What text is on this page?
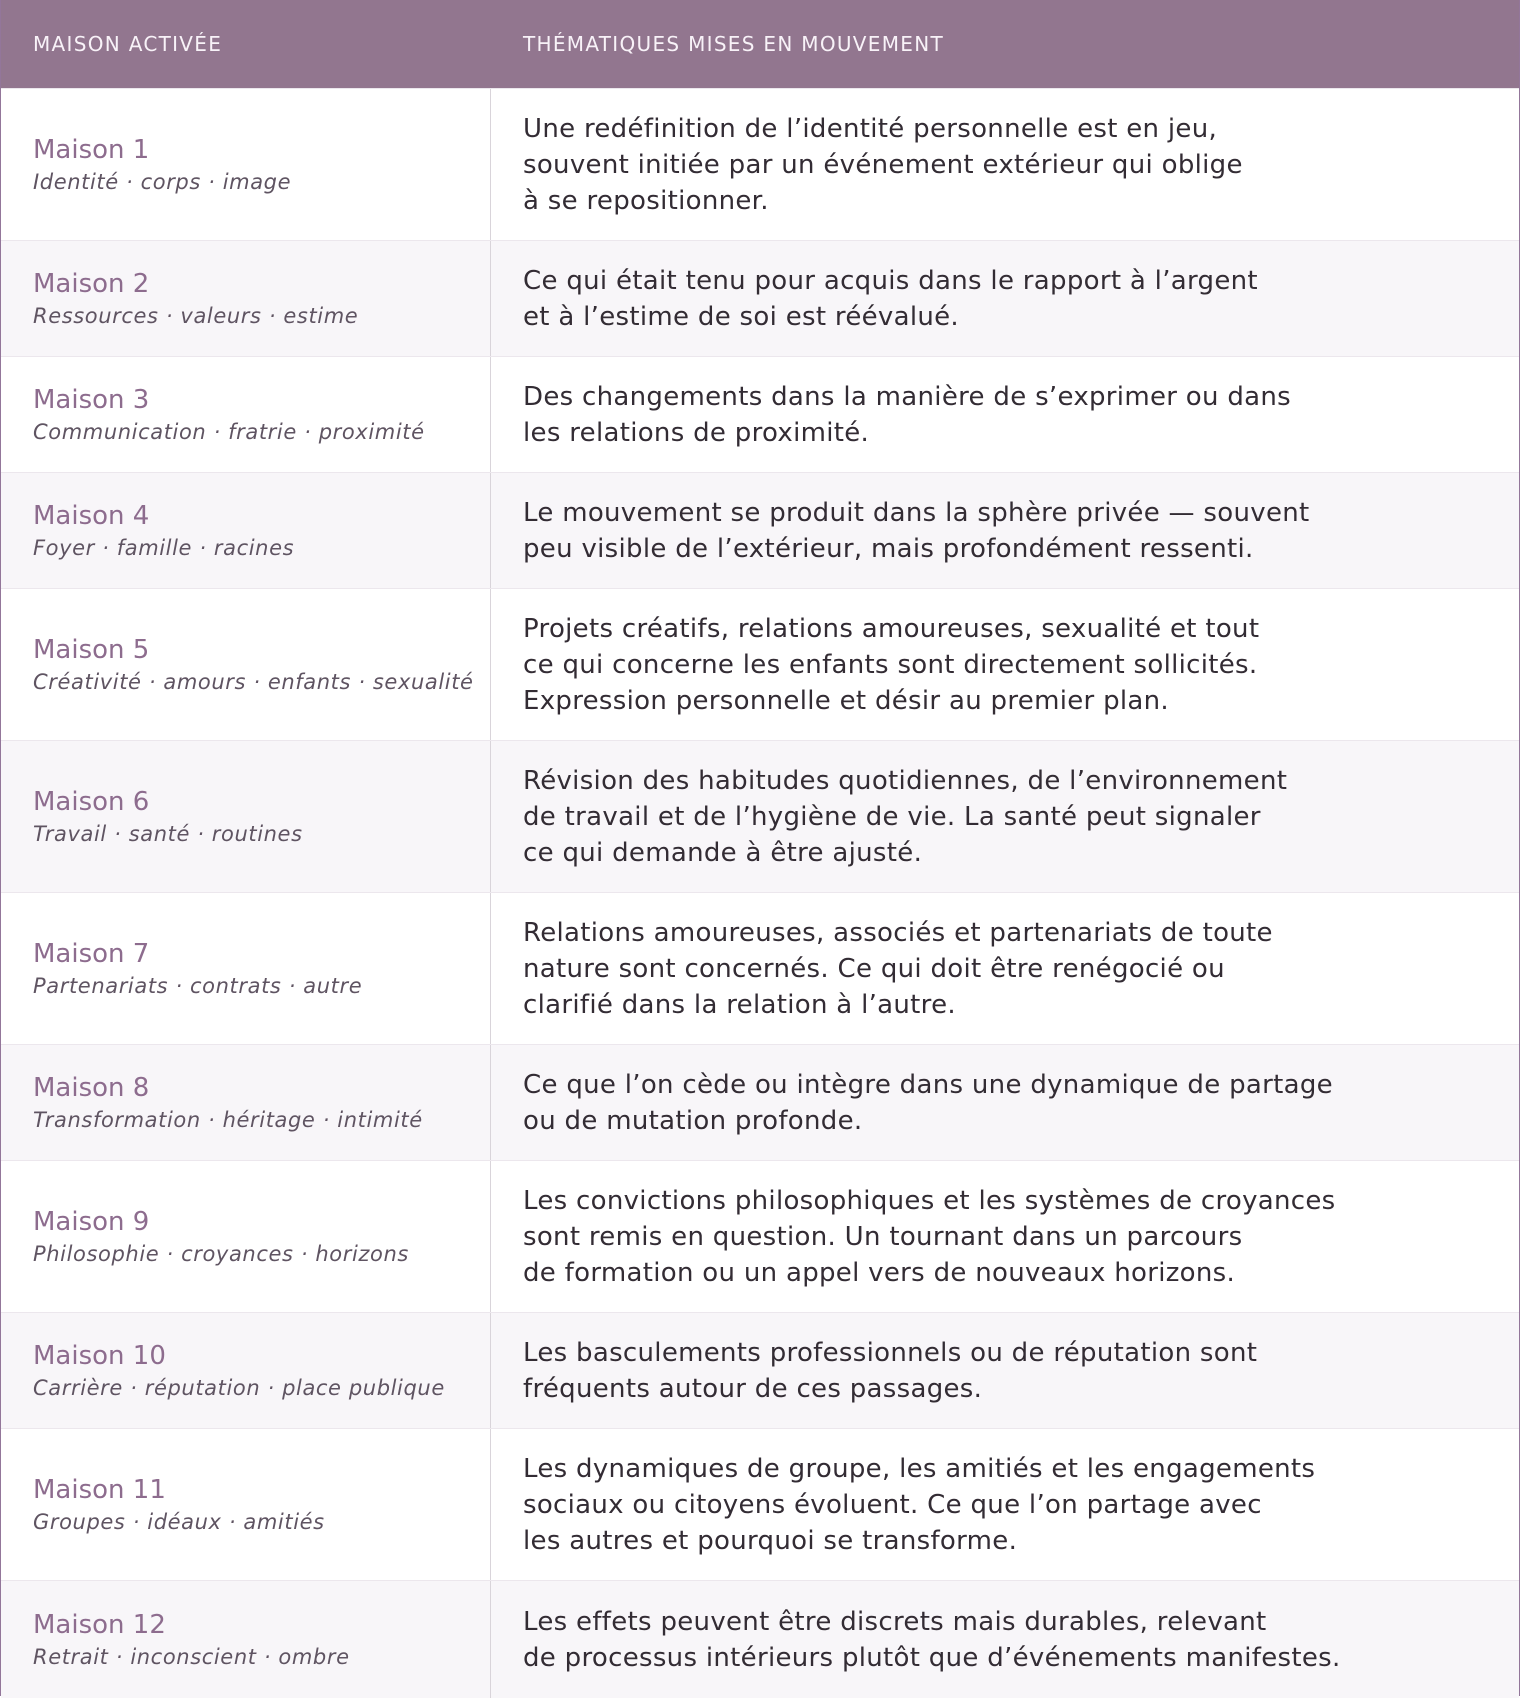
MAISON ACTIVÉE	THÉMATIQUES MISES EN MOUVEMENT
Maison 1
Identité · corps · image
Une redéfinition de l’identité personnelle est en jeu,
souvent initiée par un événement extérieur qui oblige
à se repositionner.
Maison 2
Ressources · valeurs · estime
Ce qui était tenu pour acquis dans le rapport à l’argent
et à l’estime de soi est réévalué.
Maison 3
Communication · fratrie · proximité
Des changements dans la manière de s’exprimer ou dans
les relations de proximité.
Maison 4
Foyer · famille · racines
Le mouvement se produit dans la sphère privée — souvent
peu visible de l’extérieur, mais profondément ressenti.
Maison 5
Créativité · amours · enfants · sexualité
Projets créatifs, relations amoureuses, sexualité et tout
ce qui concerne les enfants sont directement sollicités.
Expression personnelle et désir au premier plan.
Maison 6
Travail · santé · routines
Révision des habitudes quotidiennes, de l’environnement
de travail et de l’hygiène de vie. La santé peut signaler
ce qui demande à être ajusté.
Maison 7
Partenariats · contrats · autre
Relations amoureuses, associés et partenariats de toute
nature sont concernés. Ce qui doit être renégocié ou
clarifié dans la relation à l’autre.
Maison 8
Transformation · héritage · intimité
Ce que l’on cède ou intègre dans une dynamique de partage
ou de mutation profonde.
Maison 9
Philosophie · croyances · horizons
Les convictions philosophiques et les systèmes de croyances
sont remis en question. Un tournant dans un parcours
de formation ou un appel vers de nouveaux horizons.
Maison 10
Carrière · réputation · place publique
Les basculements professionnels ou de réputation sont
fréquents autour de ces passages.
Maison 11
Groupes · idéaux · amitiés
Les dynamiques de groupe, les amitiés et les engagements
sociaux ou citoyens évoluent. Ce que l’on partage avec
les autres et pourquoi se transforme.
Maison 12
Retrait · inconscient · ombre
Les effets peuvent être discrets mais durables, relevant
de processus intérieurs plutôt que d’événements manifestes.
